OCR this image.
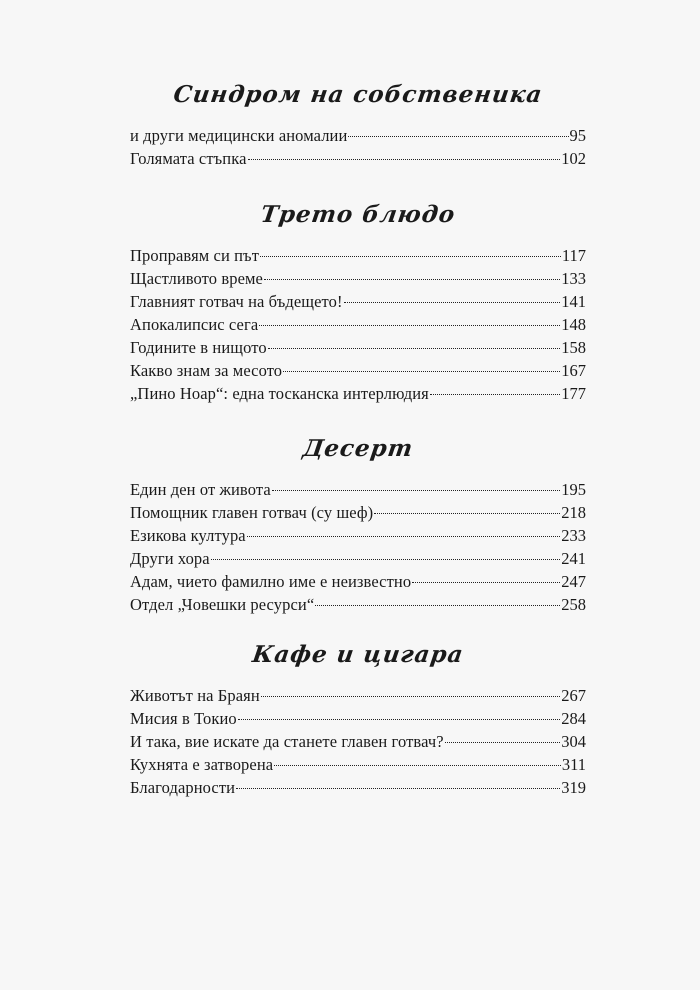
Синдром на собственика
и други медицински аномалии	95
Голямата стъпка	102
Трето блюдо
Проправям си път	117
Щастливото време	133
Главният готвач на бъдещето!	141
Апокалипсис сега	148
Годините в нищото	158
Какво знам за месото	167
„Пино Ноар“: една тосканска интерлюдия	177
Десерт
Един ден от живота	195
Помощник главен готвач (су шеф)	218
Езикова култура	233
Други хора	241
Адам, чието фамилно име е неизвестно	247
Отдел „Човешки ресурси“	258
Кафе и цигара
Животът на Браян	267
Мисия в Токио	284
И така, вие искате да станете главен готвач?	304
Кухнята е затворена	311
Благодарности	319
